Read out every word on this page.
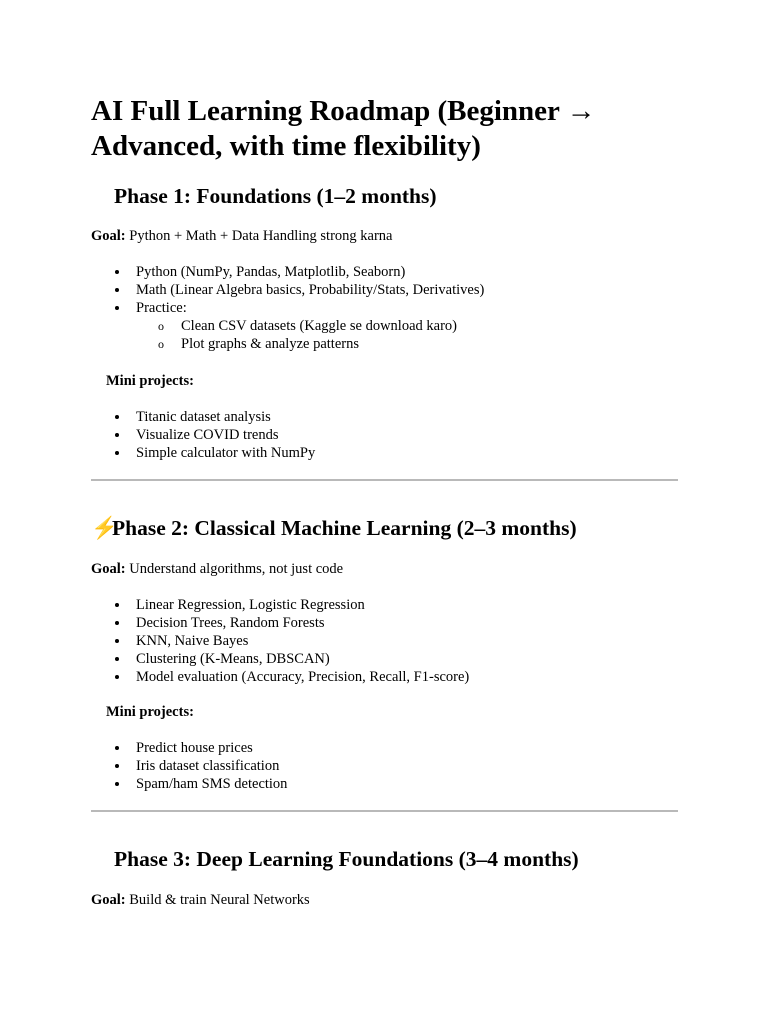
AI Full Learning Roadmap (Beginner → Advanced, with time flexibility)
Phase 1: Foundations (1–2 months)

Goal: Python + Math + Data Handling strong karna

Python (NumPy, Pandas, Matplotlib, Seaborn)
Math (Linear Algebra basics, Probability/Stats, Derivatives)
Practice:
o Clean CSV datasets (Kaggle se download karo)
o Plot graphs & analyze patterns

Mini projects:

Titanic dataset analysis
Visualize COVID trends
Simple calculator with NumPy
⚡Phase 2: Classical Machine Learning (2–3 months)

Goal: Understand algorithms, not just code

Linear Regression, Logistic Regression
Decision Trees, Random Forests
KNN, Naive Bayes
Clustering (K-Means, DBSCAN)
Model evaluation (Accuracy, Precision, Recall, F1-score)

Mini projects:

Predict house prices
Iris dataset classification
Spam/ham SMS detection
Phase 3: Deep Learning Foundations (3–4 months)

Goal: Build & train Neural Networks
